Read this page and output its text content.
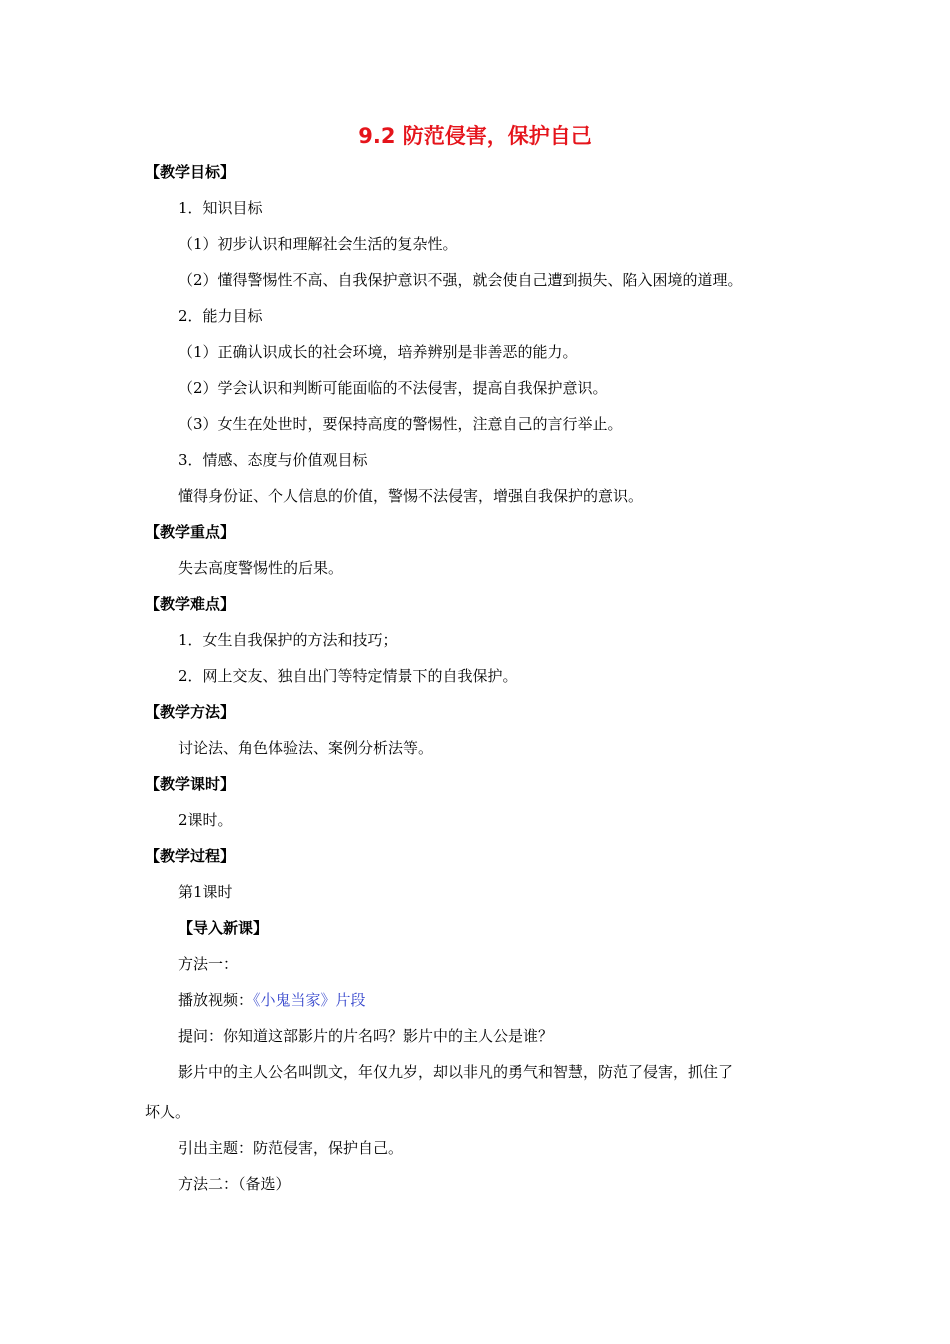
9.2 防范侵害，保护自己
【教学目标】
1．知识目标
（1）初步认识和理解社会生活的复杂性。
（2）懂得警惕性不高、自我保护意识不强，就会使自己遭到损失、陷入困境的道理。
2．能力目标
（1）正确认识成长的社会环境，培养辨别是非善恶的能力。
（2）学会认识和判断可能面临的不法侵害，提高自我保护意识。
（3）女生在处世时，要保持高度的警惕性，注意自己的言行举止。
3．情感、态度与价值观目标
懂得身份证、个人信息的价值，警惕不法侵害，增强自我保护的意识。
【教学重点】
失去高度警惕性的后果。
【教学难点】
1．女生自我保护的方法和技巧；
2．网上交友、独自出门等特定情景下的自我保护。
【教学方法】
讨论法、角色体验法、案例分析法等。
【教学课时】
2课时。
【教学过程】
第1课时
【导入新课】
方法一：
播放视频：《小鬼当家》片段
提问：你知道这部影片的片名吗？影片中的主人公是谁？
影片中的主人公名叫凯文，年仅九岁，却以非凡的勇气和智慧，防范了侵害，抓住了
坏人。
引出主题：防范侵害，保护自己。
方法二：（备选）
